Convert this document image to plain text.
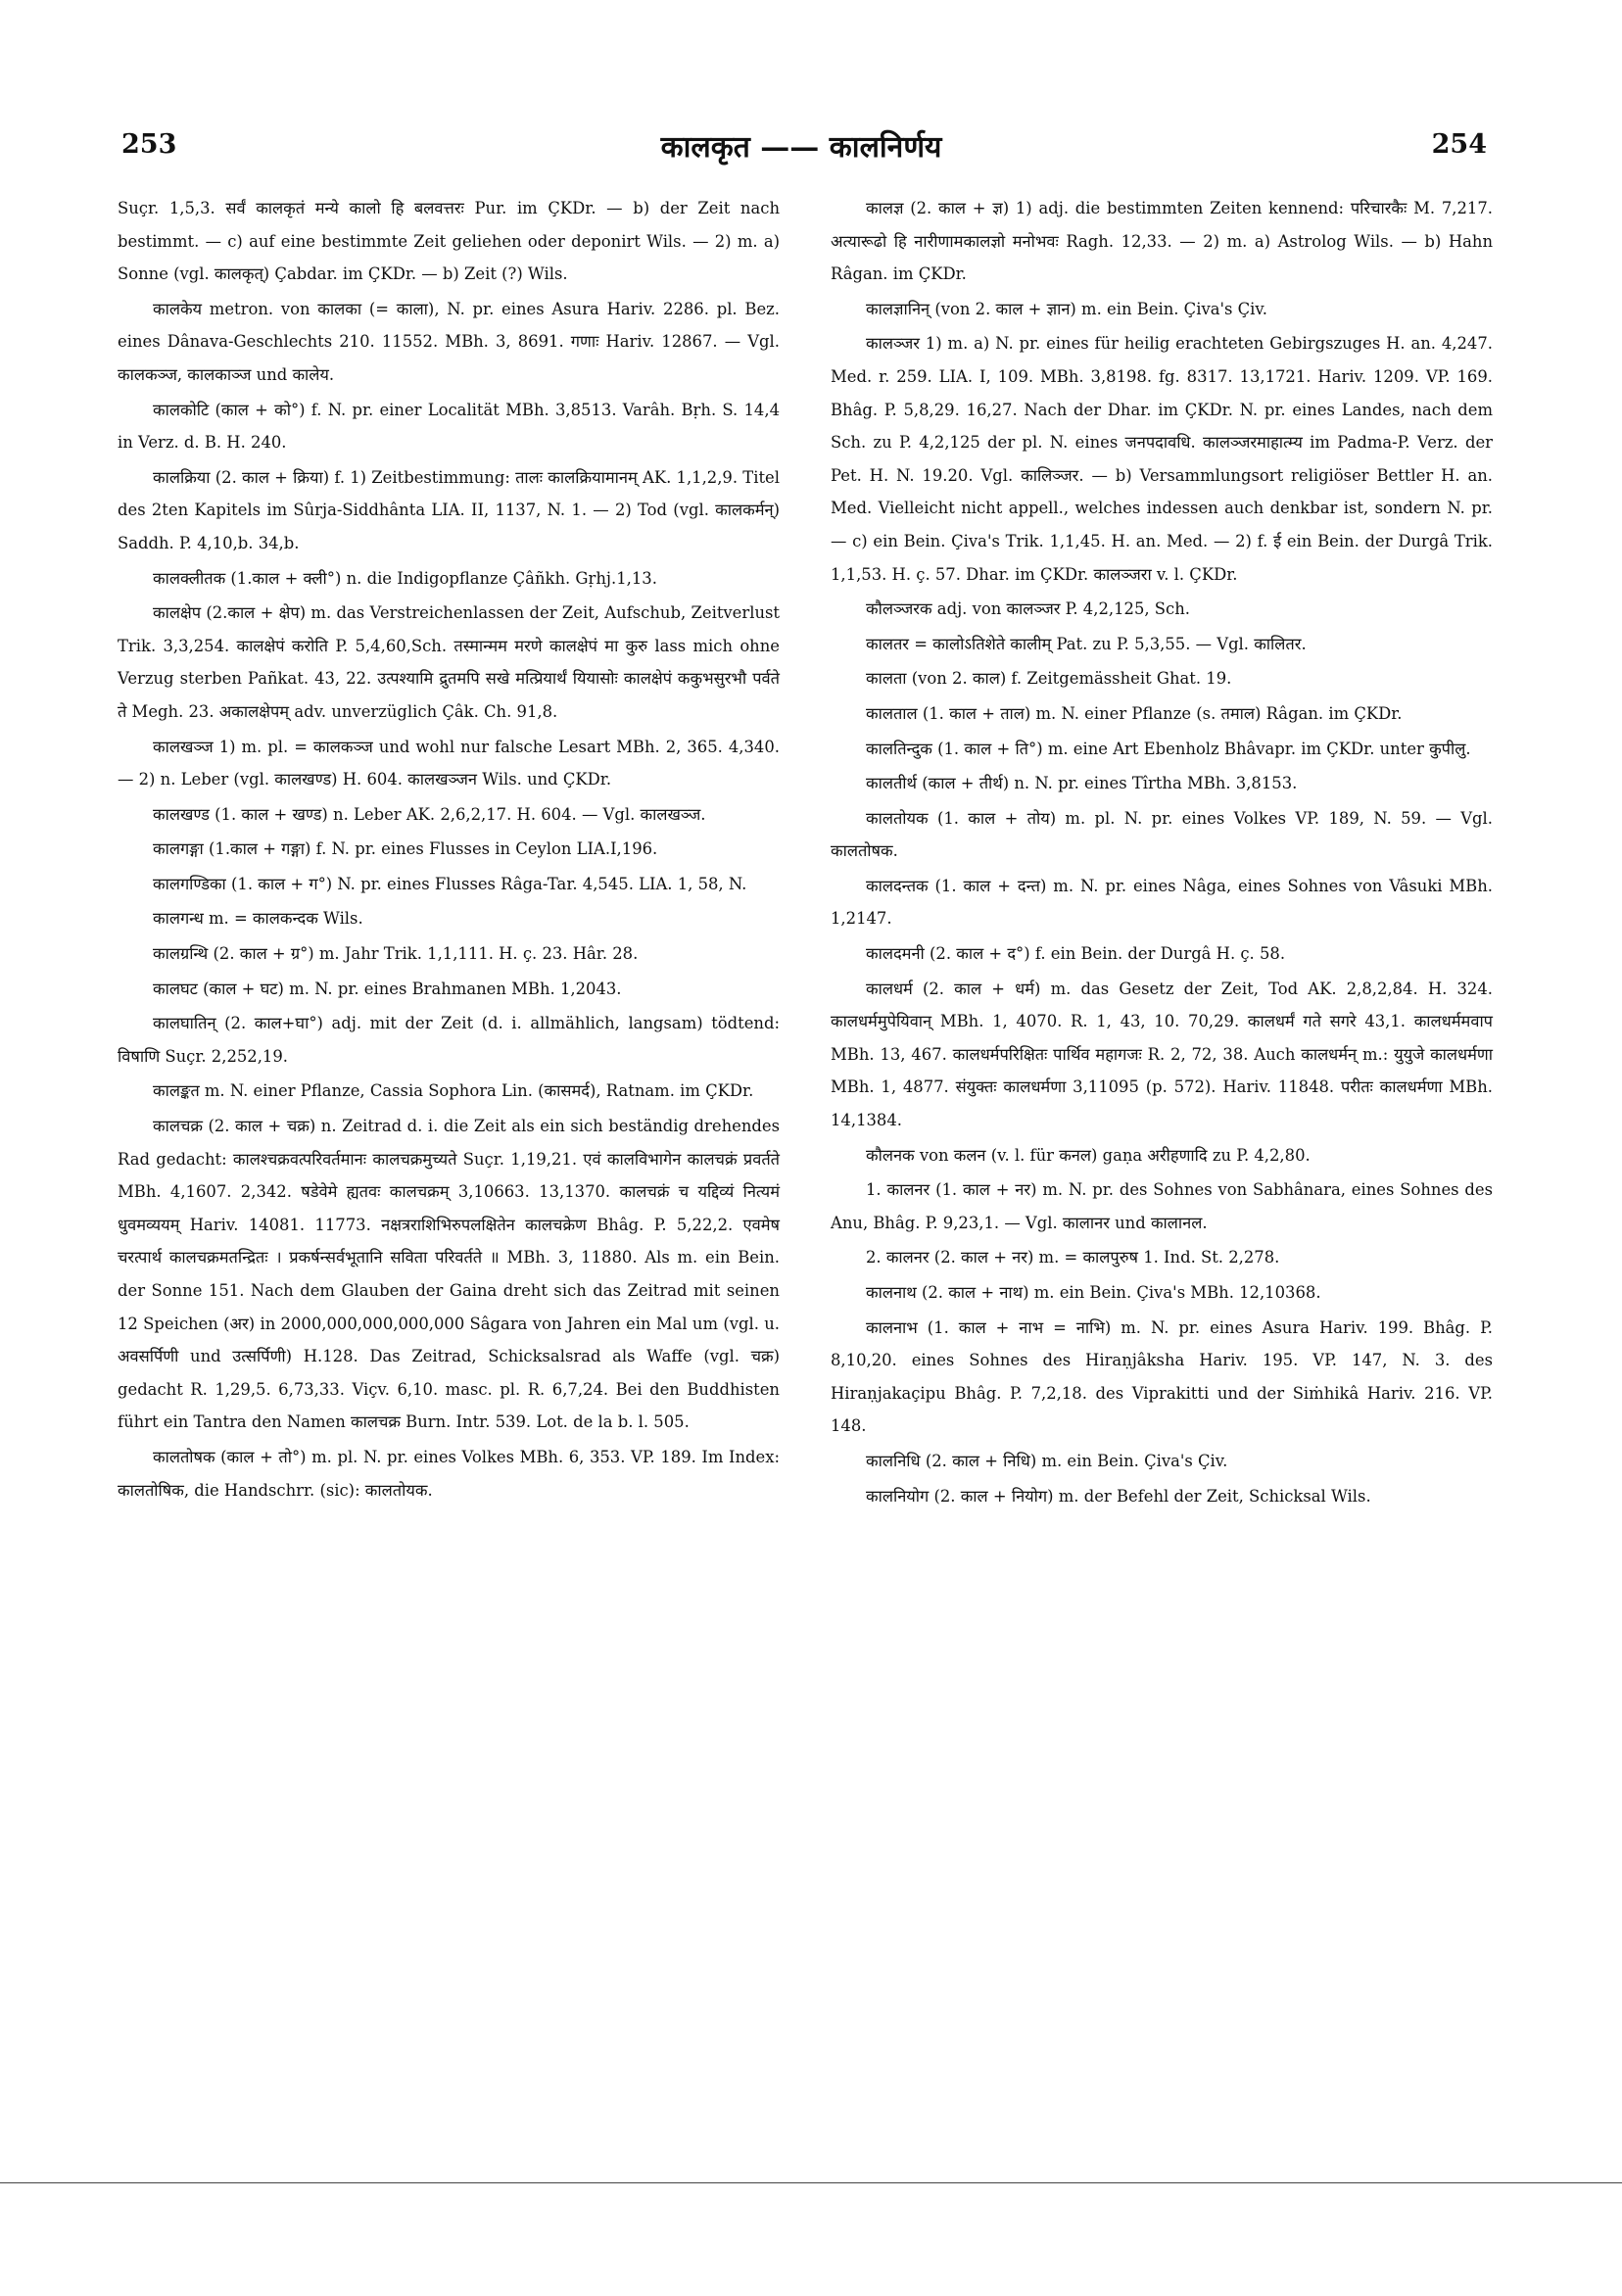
253	कालकृत —— कालनिर्णय	254

Suçr. 1,5,3. सर्वं कालकृतं मन्ये कालो हि बलवत्तरः Pur. im ÇKDr. — b) der Zeit nach bestimmt. — c) auf eine bestimmte Zeit geliehen oder deponirt Wils. — 2) m. a) Sonne (vgl. कालकृत्) Çabdar. im ÇKDr. — b) Zeit (?) Wils.

कालकेय metron. von कालका (= काला), N. pr. eines Asura Hariv. 2286. pl. Bez. eines Dânava-Geschlechts 210. 11552. MBh. 3, 8691. गणाः Hariv. 12867. — Vgl. कालकञ्ज, कालकाञ्ज und कालेय.

कालकोटि (काल + को°) f. N. pr. einer Localität MBh. 3,8513. Varâh. Bṛh. S. 14,4 in Verz. d. B. H. 240.

कालक्रिया (2. काल + क्रिया) f. 1) Zeitbestimmung: तालः कालक्रियामानम् AK. 1,1,2,9. Titel des 2ten Kapitels im Sûrja-Siddhânta LIA. II, 1137, N. 1. — 2) Tod (vgl. कालकर्मन्) Saddh. P. 4,10,b. 34,b.

कालक्लीतक (1.काल + क्ली°) n. die Indigopflanze Çâñkh. Gṛhj.1,13.

कालक्षेप (2.काल + क्षेप) m. das Verstreichenlassen der Zeit, Aufschub, Zeitverlust Trik. 3,3,254. कालक्षेपं करोति P. 5,4,60,Sch. तस्मान्मम मरणे कालक्षेपं मा कुरु lass mich ohne Verzug sterben Pañkat. 43, 22. उत्पश्यामि द्रुतमपि सखे मत्प्रियार्थं यियासोः कालक्षेपं ककुभसुरभौ पर्वते ते Megh. 23. अकालक्षेपम् adv. unverzüglich Çâk. Ch. 91,8.

कालखञ्ज 1) m. pl. = कालकञ्ज und wohl nur falsche Lesart MBh. 2, 365. 4,340. — 2) n. Leber (vgl. कालखण्ड) H. 604. कालखञ्जन Wils. und ÇKDr.

कालखण्ड (1. काल + खण्ड) n. Leber AK. 2,6,2,17. H. 604. — Vgl. कालखञ्ज.

कालगङ्गा (1.काल + गङ्गा) f. N. pr. eines Flusses in Ceylon LIA.I,196.

कालगण्डिका (1. काल + ग°) N. pr. eines Flusses Râga-Tar. 4,545. LIA. 1, 58, N.

कालगन्ध m. = कालकन्दक Wils.

कालग्रन्थि (2. काल + ग्र°) m. Jahr Trik. 1,1,111. H. ç. 23. Hâr. 28.

कालघट (काल + घट) m. N. pr. eines Brahmanen MBh. 1,2043.

कालघातिन् (2. काल+घा°) adj. mit der Zeit (d. i. allmählich, langsam) tödtend: विषाणि Suçr. 2,252,19.

कालङ्कत m. N. einer Pflanze, Cassia Sophora Lin. (कासमर्द), Ratnam. im ÇKDr.

कालचक्र (2. काल + चक्र) n. Zeitrad d. i. die Zeit als ein sich beständig drehendes Rad gedacht: कालश्चक्रवत्परिवर्तमानः कालचक्रमुच्यते Suçr. 1,19,21. एवं कालविभागेन कालचक्रं प्रवर्तते MBh. 4,1607. 2,342. षडेवेमे ह्यतवः कालचक्रम् 3,10663. 13,1370. कालचक्रं च यद्दिव्यं नित्यमं धुवमव्ययम् Hariv. 14081. 11773. नक्षत्रराशिभिरुपलक्षितेन कालचक्रेण Bhâg. P. 5,22,2. एवमेष चरत्पार्थ कालचक्रमतन्द्रितः । प्रकर्षन्सर्वभूतानि सविता परिवर्तते ॥ MBh. 3, 11880. Als m. ein Bein. der Sonne 151. Nach dem Glauben der Gaina dreht sich das Zeitrad mit seinen 12 Speichen (अर) in 2000,000,000,000,000 Sâgara von Jahren ein Mal um (vgl. u. अवसर्पिणी und उत्सर्पिणी) H.128. Das Zeitrad, Schicksalsrad als Waffe (vgl. चक्र) gedacht R. 1,29,5. 6,73,33. Viçv. 6,10. masc. pl. R. 6,7,24. Bei den Buddhisten führt ein Tantra den Namen कालचक्र Burn. Intr. 539. Lot. de la b. l. 505.

कालतोषक (काल + तो°) m. pl. N. pr. eines Volkes MBh. 6, 353. VP. 189. Im Index: कालतोषिक, die Handschrr. (sic): कालतोयक.

कालज्ञ (2. काल + ज्ञ) 1) adj. die bestimmten Zeiten kennend: परिचारकैः M. 7,217. अत्यारूढो हि नारीणामकालज्ञो मनोभवः Ragh. 12,33. — 2) m. a) Astrolog Wils. — b) Hahn Râgan. im ÇKDr.

कालज्ञानिन् (von 2. काल + ज्ञान) m. ein Bein. Çiva's Çiv.

कालञ्जर 1) m. a) N. pr. eines für heilig erachteten Gebirgszuges H. an. 4,247. Med. r. 259. LIA. I, 109. MBh. 3,8198. fg. 8317. 13,1721. Hariv. 1209. VP. 169. Bhâg. P. 5,8,29. 16,27. Nach der Dhar. im ÇKDr. N. pr. eines Landes, nach dem Sch. zu P. 4,2,125 der pl. N. eines जनपदावधि. कालञ्जरमाहात्म्य im Padma-P. Verz. der Pet. H. N. 19.20. Vgl. कालिञ्जर. — b) Versammlungsort religiöser Bettler H. an. Med. Vielleicht nicht appell., welches indessen auch denkbar ist, sondern N. pr. — c) ein Bein. Çiva's Trik. 1,1,45. H. an. Med. — 2) f. ई ein Bein. der Durgâ Trik. 1,1,53. H. ç. 57. Dhar. im ÇKDr. कालञ्जरा v. l. ÇKDr.

कौलञ्जरक adj. von कालञ्जर P. 4,2,125, Sch.

कालतर = कालोऽतिशेते कालीम् Pat. zu P. 5,3,55. — Vgl. कालितर.

कालता (von 2. काल) f. Zeitgemässheit Ghat. 19.

कालताल (1. काल + ताल) m. N. einer Pflanze (s. तमाल) Râgan. im ÇKDr.

कालतिन्दुक (1. काल + ति°) m. eine Art Ebenholz Bhâvapr. im ÇKDr. unter कुपीलु.

कालतीर्थ (काल + तीर्थ) n. N. pr. eines Tîrtha MBh. 3,8153.

कालतोयक (1. काल + तोय) m. pl. N. pr. eines Volkes VP. 189, N. 59. — Vgl. कालतोषक.

कालदन्तक (1. काल + दन्त) m. N. pr. eines Nâga, eines Sohnes von Vâsuki MBh. 1,2147.

कालदमनी (2. काल + द°) f. ein Bein. der Durgâ H. ç. 58.

कालधर्म (2. काल + धर्म) m. das Gesetz der Zeit, Tod AK. 2,8,2,84. H. 324. कालधर्ममुपेयिवान् MBh. 1, 4070. R. 1, 43, 10. 70,29. कालधर्मं गते सगरे 43,1. कालधर्ममवाप MBh. 13, 467. कालधर्मपरिक्षितः पार्थिव महागजः R. 2, 72, 38. Auch कालधर्मन् m.: युयुजे कालधर्मणा MBh. 1, 4877. संयुक्तः कालधर्मणा 3,11095 (p. 572). Hariv. 11848. परीतः कालधर्मणा MBh. 14,1384.

कौलनक von कलन (v. l. für कनल) gaṇa अरीहणादि zu P. 4,2,80.

1. कालनर (1. काल + नर) m. N. pr. des Sohnes von Sabhânara, eines Sohnes des Anu, Bhâg. P. 9,23,1. — Vgl. कालानर und कालानल.

2. कालनर (2. काल + नर) m. = कालपुरुष 1. Ind. St. 2,278.

कालनाथ (2. काल + नाथ) m. ein Bein. Çiva's MBh. 12,10368.

कालनाभ (1. काल + नाभ = नाभि) m. N. pr. eines Asura Hariv. 199. Bhâg. P. 8,10,20. eines Sohnes des Hiraṇjâksha Hariv. 195. VP. 147, N. 3. des Hiraṇjakaçipu Bhâg. P. 7,2,18. des Viprakitti und der Siṁhikâ Hariv. 216. VP. 148.

कालनिधि (2. काल + निधि) m. ein Bein. Çiva's Çiv.

कालनियोग (2. काल + नियोग) m. der Befehl der Zeit, Schicksal Wils.
